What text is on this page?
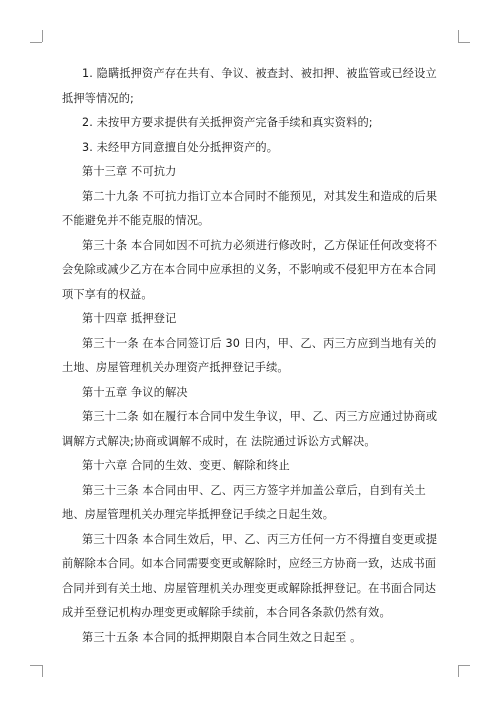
1. 隐瞒抵押资产存在共有、争议、被查封、被扣押、被监管或已经设立抵押等情况的;

2. 未按甲方要求提供有关抵押资产完备手续和真实资料的;

3. 未经甲方同意擅自处分抵押资产的。

第十三章 不可抗力

第二十九条 不可抗力指订立本合同时不能预见，对其发生和造成的后果不能避免并不能克服的情况。

第三十条 本合同如因不可抗力必须进行修改时，乙方保证任何改变将不会免除或减少乙方在本合同中应承担的义务，不影响或不侵犯甲方在本合同项下享有的权益。

第十四章 抵押登记

第三十一条 在本合同签订后 30 日内，甲、乙、丙三方应到当地有关的土地、房屋管理机关办理资产抵押登记手续。

第十五章 争议的解决

第三十二条 如在履行本合同中发生争议，甲、乙、丙三方应通过协商或调解方式解决;协商或调解不成时，在 法院通过诉讼方式解决。

第十六章 合同的生效、变更、解除和终止

第三十三条 本合同由甲、乙、丙三方签字并加盖公章后，自到有关土地、房屋管理机关办理完毕抵押登记手续之日起生效。

第三十四条 本合同生效后，甲、乙、丙三方任何一方不得擅自变更或提前解除本合同。如本合同需要变更或解除时，应经三方协商一致，达成书面合同并到有关土地、房屋管理机关办理变更或解除抵押登记。在书面合同达成并至登记机构办理变更或解除手续前，本合同各条款仍然有效。

第三十五条 本合同的抵押期限自本合同生效之日起至 。
